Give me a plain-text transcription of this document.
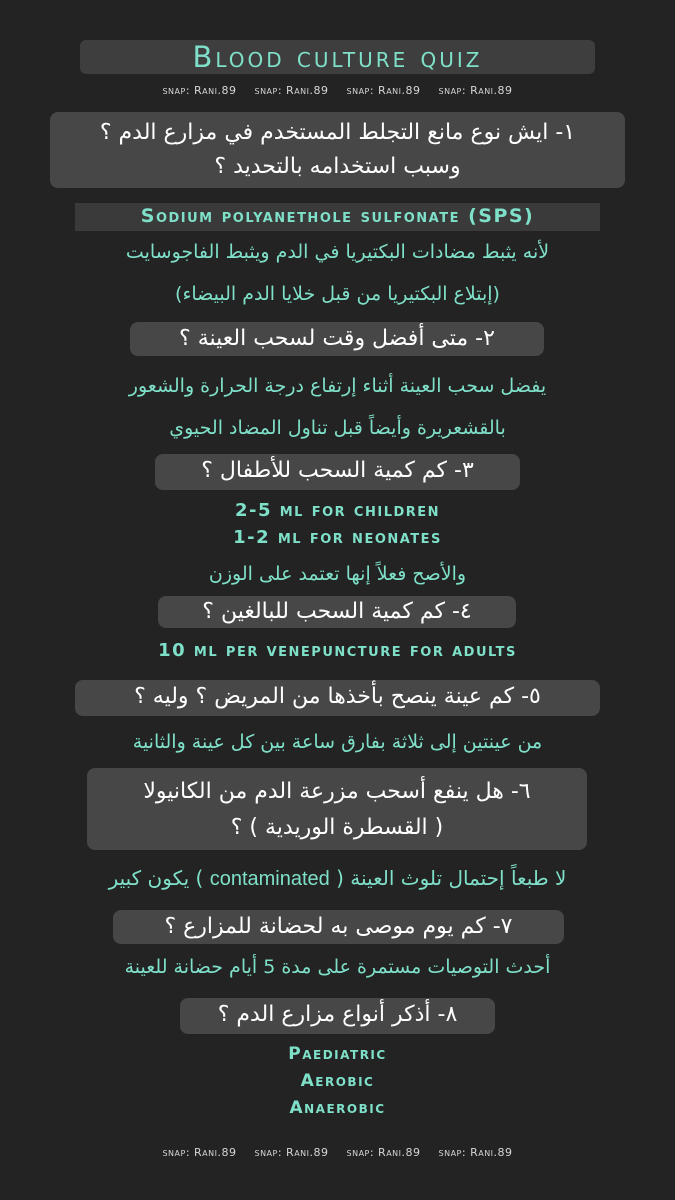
Blood culture quiz
snap: Rani.89 snap: Rani.89 snap: Rani.89 snap: Rani.89
١- ايش نوع مانع التجلط المستخدم في مزارع الدم ؟
وسبب استخدامه بالتحديد ؟
Sodium polyanethole sulfonate (SPS)
لأنه يثبط مضادات البكتيريا في الدم ويثبط الفاجوسايت
(إبتلاع البكتيريا من قبل خلايا الدم البيضاء)
٢- متى أفضل وقت لسحب العينة ؟
يفضل سحب العينة أثناء إرتفاع درجة الحرارة والشعور
بالقشعريرة وأيضاً قبل تناول المضاد الحيوي
٣- كم كمية السحب للأطفال ؟
2-5 ml for children
1-2 ml for neonates
والأصح فعلاً إنها تعتمد على الوزن
٤- كم كمية السحب للبالغين ؟
10 ml per venepuncture for adults
٥- كم عينة ينصح بأخذها من المريض ؟ وليه ؟
من عينتين إلى ثلاثة بفارق ساعة بين كل عينة والثانية
٦- هل ينفع أسحب مزرعة الدم من الكانيولا
( القسطرة الوريدية ) ؟
لا طبعاً إحتمال تلوث العينة ( contaminated ) يكون كبير
٧- كم يوم موصى به لحضانة للمزارع ؟
أحدث التوصيات مستمرة على مدة 5 أيام حضانة للعينة
٨- أذكر أنواع مزارع الدم ؟
Paediatric
Aerobic
Anaerobic
snap: Rani.89 snap: Rani.89 snap: Rani.89 snap: Rani.89
